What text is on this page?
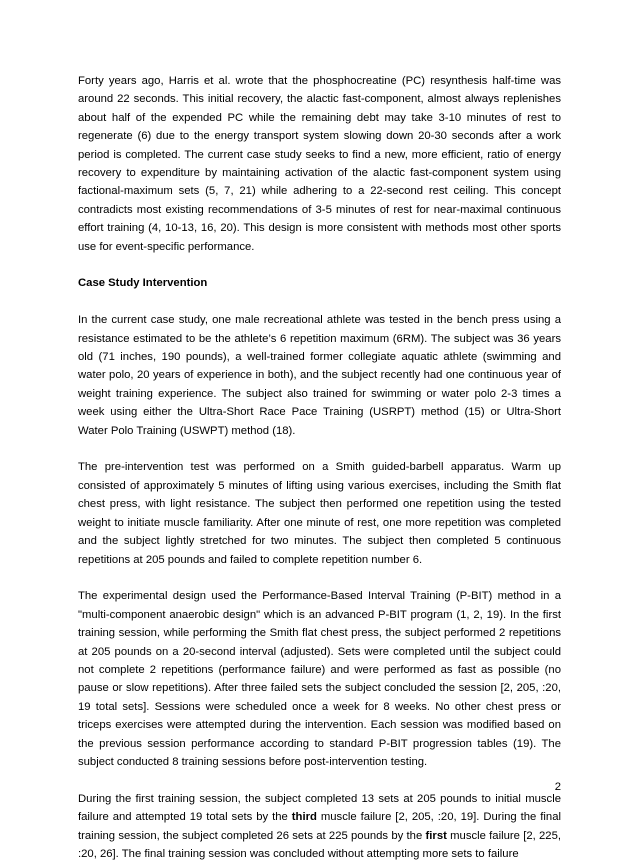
Forty years ago, Harris et al. wrote that the phosphocreatine (PC) resynthesis half-time was around 22 seconds. This initial recovery, the alactic fast-component, almost always replenishes about half of the expended PC while the remaining debt may take 3-10 minutes of rest to regenerate (6) due to the energy transport system slowing down 20-30 seconds after a work period is completed. The current case study seeks to find a new, more efficient, ratio of energy recovery to expenditure by maintaining activation of the alactic fast-component system using factional-maximum sets (5, 7, 21) while adhering to a 22-second rest ceiling. This concept contradicts most existing recommendations of 3-5 minutes of rest for near-maximal continuous effort training (4, 10-13, 16, 20). This design is more consistent with methods most other sports use for event-specific performance.

Case Study Intervention

In the current case study, one male recreational athlete was tested in the bench press using a resistance estimated to be the athlete’s 6 repetition maximum (6RM). The subject was 36 years old (71 inches, 190 pounds), a well-trained former collegiate aquatic athlete (swimming and water polo, 20 years of experience in both), and the subject recently had one continuous year of weight training experience. The subject also trained for swimming or water polo 2-3 times a week using either the Ultra-Short Race Pace Training (USRPT) method (15) or Ultra-Short Water Polo Training (USWPT) method (18).

The pre-intervention test was performed on a Smith guided-barbell apparatus. Warm up consisted of approximately 5 minutes of lifting using various exercises, including the Smith flat chest press, with light resistance. The subject then performed one repetition using the tested weight to initiate muscle familiarity. After one minute of rest, one more repetition was completed and the subject lightly stretched for two minutes. The subject then completed 5 continuous repetitions at 205 pounds and failed to complete repetition number 6.

The experimental design used the Performance-Based Interval Training (P-BIT) method in a "multi-component anaerobic design" which is an advanced P-BIT program (1, 2, 19). In the first training session, while performing the Smith flat chest press, the subject performed 2 repetitions at 205 pounds on a 20-second interval (adjusted). Sets were completed until the subject could not complete 2 repetitions (performance failure) and were performed as fast as possible (no pause or slow repetitions). After three failed sets the subject concluded the session [2, 205, :20, 19 total sets]. Sessions were scheduled once a week for 8 weeks. No other chest press or triceps exercises were attempted during the intervention. Each session was modified based on the previous session performance according to standard P-BIT progression tables (19). The subject conducted 8 training sessions before post-intervention testing.

During the first training session, the subject completed 13 sets at 205 pounds to initial muscle failure and attempted 19 total sets by the third muscle failure [2, 205, :20, 19]. During the final training session, the subject completed 26 sets at 225 pounds by the first muscle failure [2, 225, :20, 26]. The final training session was concluded without attempting more sets to failure

2
